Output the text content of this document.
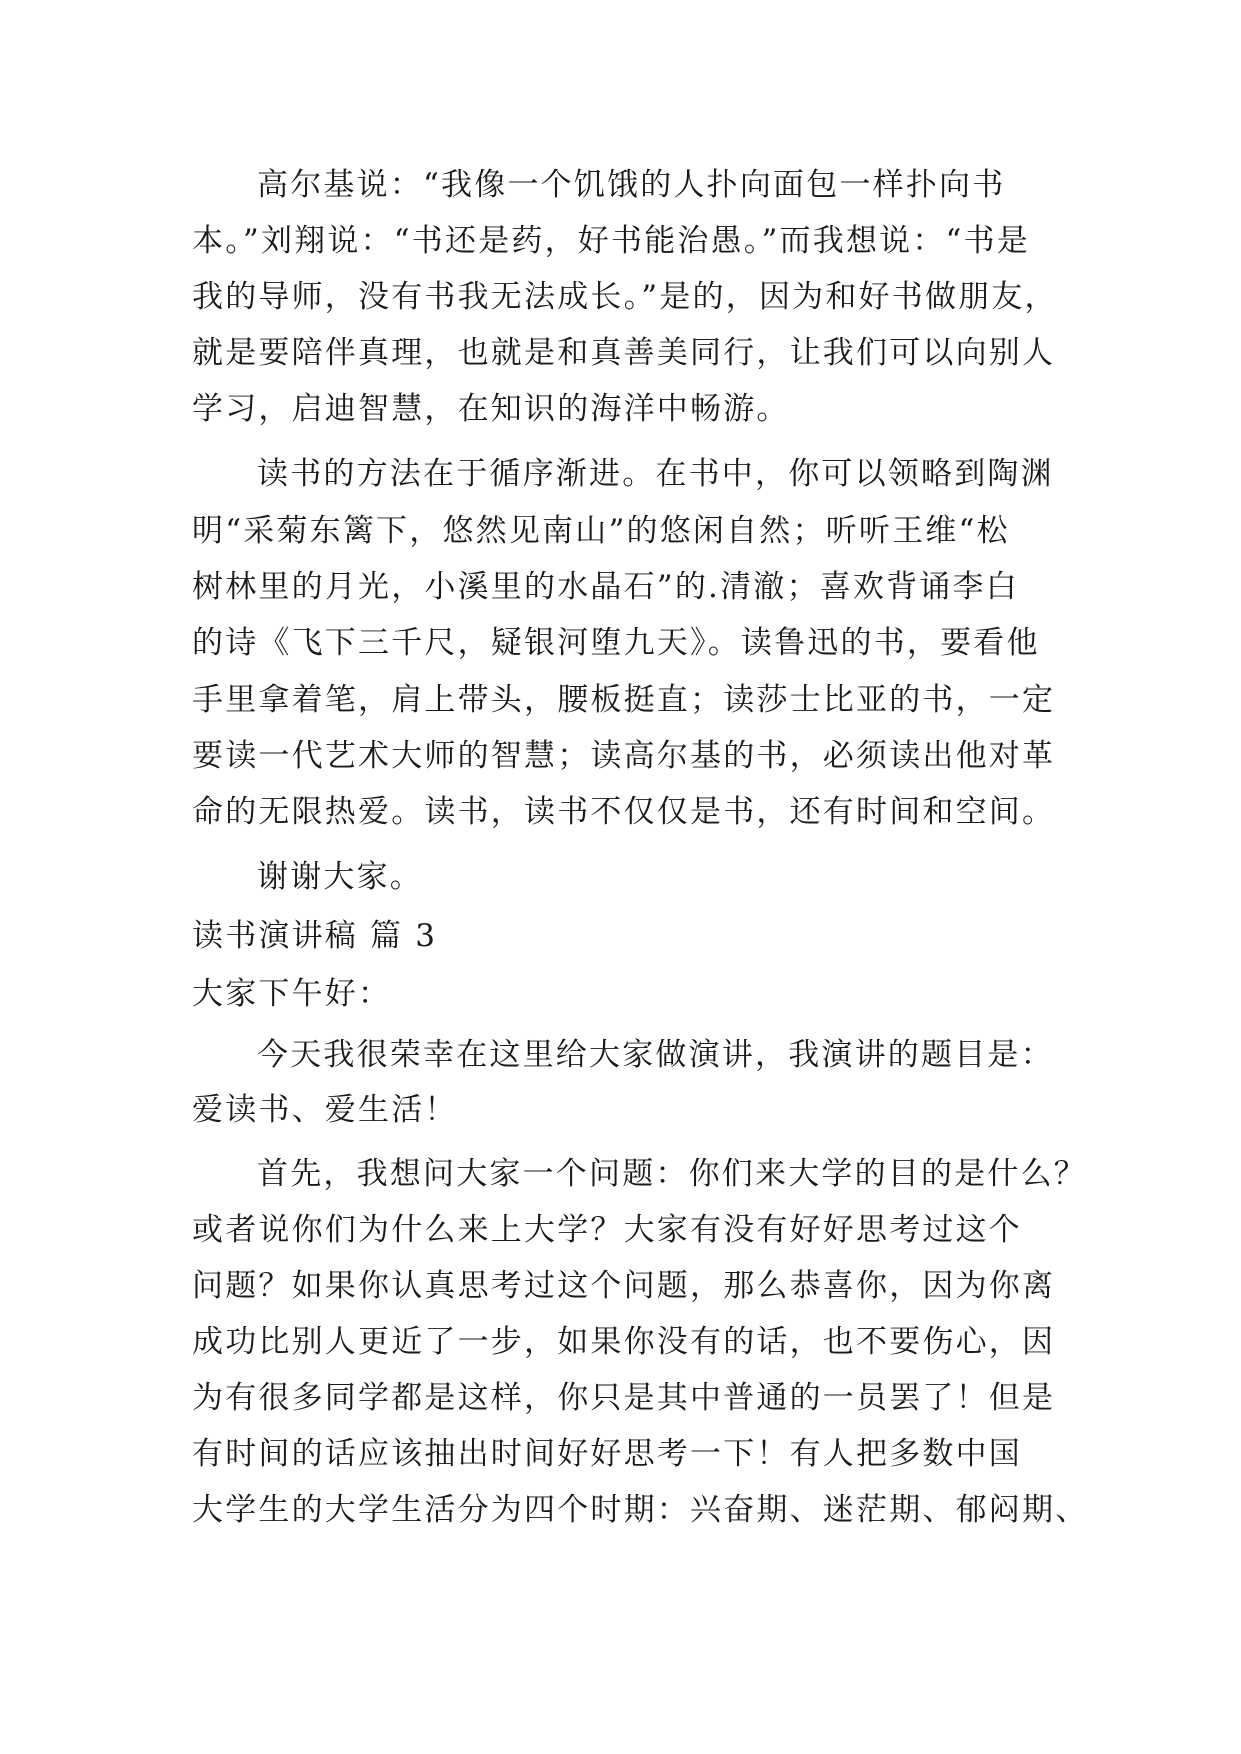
高尔基说：“我像一个饥饿的人扑向面包一样扑向书
本。”刘翔说：“书还是药，好书能治愚。”而我想说：“书是
我的导师，没有书我无法成长。”是的，因为和好书做朋友，
就是要陪伴真理，也就是和真善美同行，让我们可以向别人
学习，启迪智慧，在知识的海洋中畅游。
读书的方法在于循序渐进。在书中，你可以领略到陶渊
明“采菊东篱下，悠然见南山”的悠闲自然；听听王维“松
树林里的月光，小溪里的水晶石”的.清澈；喜欢背诵李白
的诗《飞下三千尺，疑银河堕九天》。读鲁迅的书，要看他
手里拿着笔，肩上带头，腰板挺直；读莎士比亚的书，一定
要读一代艺术大师的智慧；读高尔基的书，必须读出他对革
命的无限热爱。读书，读书不仅仅是书，还有时间和空间。
谢谢大家。
读书演讲稿 篇 3
大家下午好：
今天我很荣幸在这里给大家做演讲，我演讲的题目是：
爱读书、爱生活！
首先，我想问大家一个问题：你们来大学的目的是什么？
或者说你们为什么来上大学？大家有没有好好思考过这个
问题？如果你认真思考过这个问题，那么恭喜你，因为你离
成功比别人更近了一步，如果你没有的话，也不要伤心，因
为有很多同学都是这样，你只是其中普通的一员罢了！但是
有时间的话应该抽出时间好好思考一下！有人把多数中国
大学生的大学生活分为四个时期：兴奋期、迷茫期、郁闷期、
